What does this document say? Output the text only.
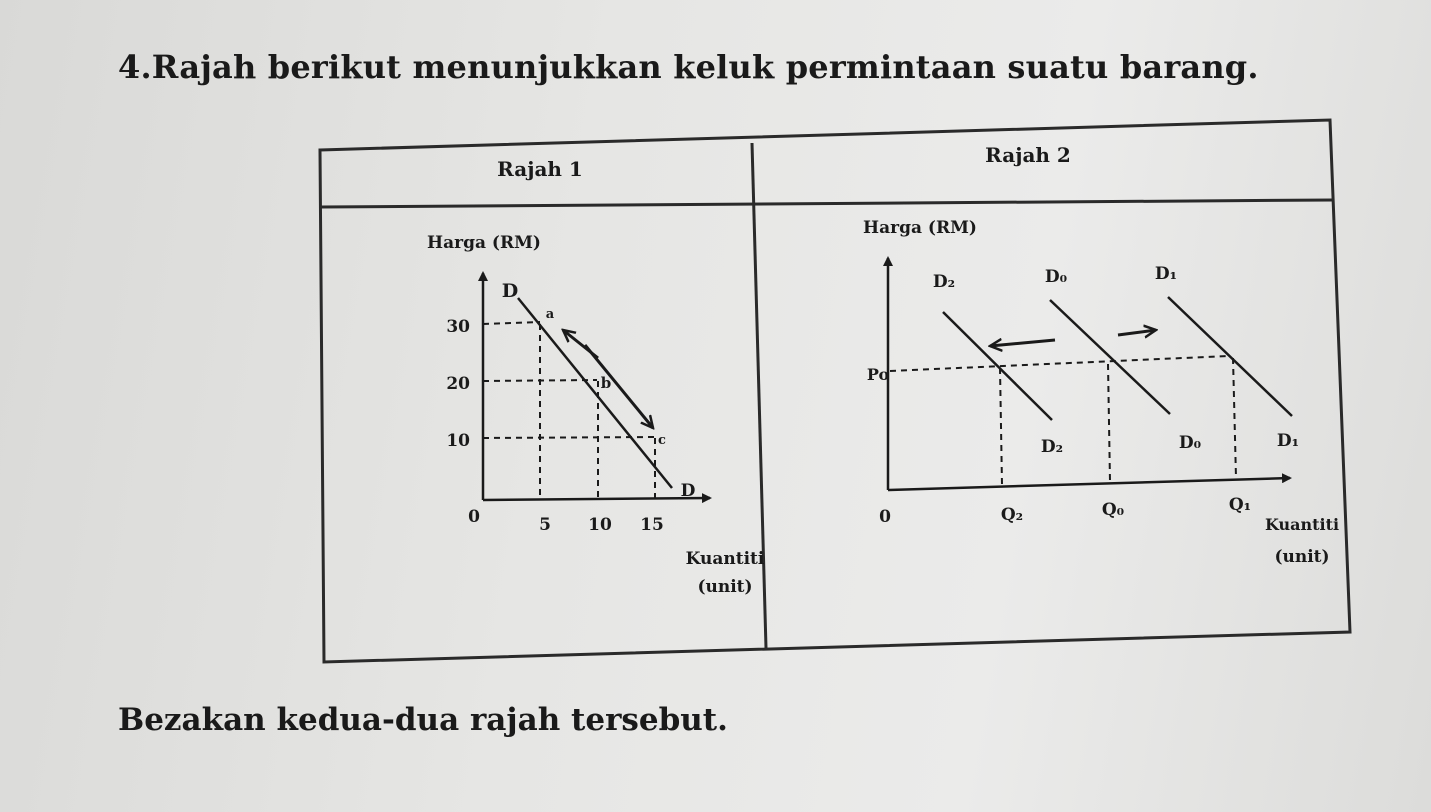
4.Rajah berikut menunjukkan keluk permintaan suatu barang.
Rajah 1
Harga (RM)
30
20
10
0	5 10 15
D
D
a
b
c
Kuantiti
(unit)
Rajah 2
Harga (RM)
D₂	D₀	D₁
D₂	D₀	D₁
Po
0	Q₂	Q₀	Q₁
Kuantiti
(unit)
Bezakan kedua-dua rajah tersebut.
